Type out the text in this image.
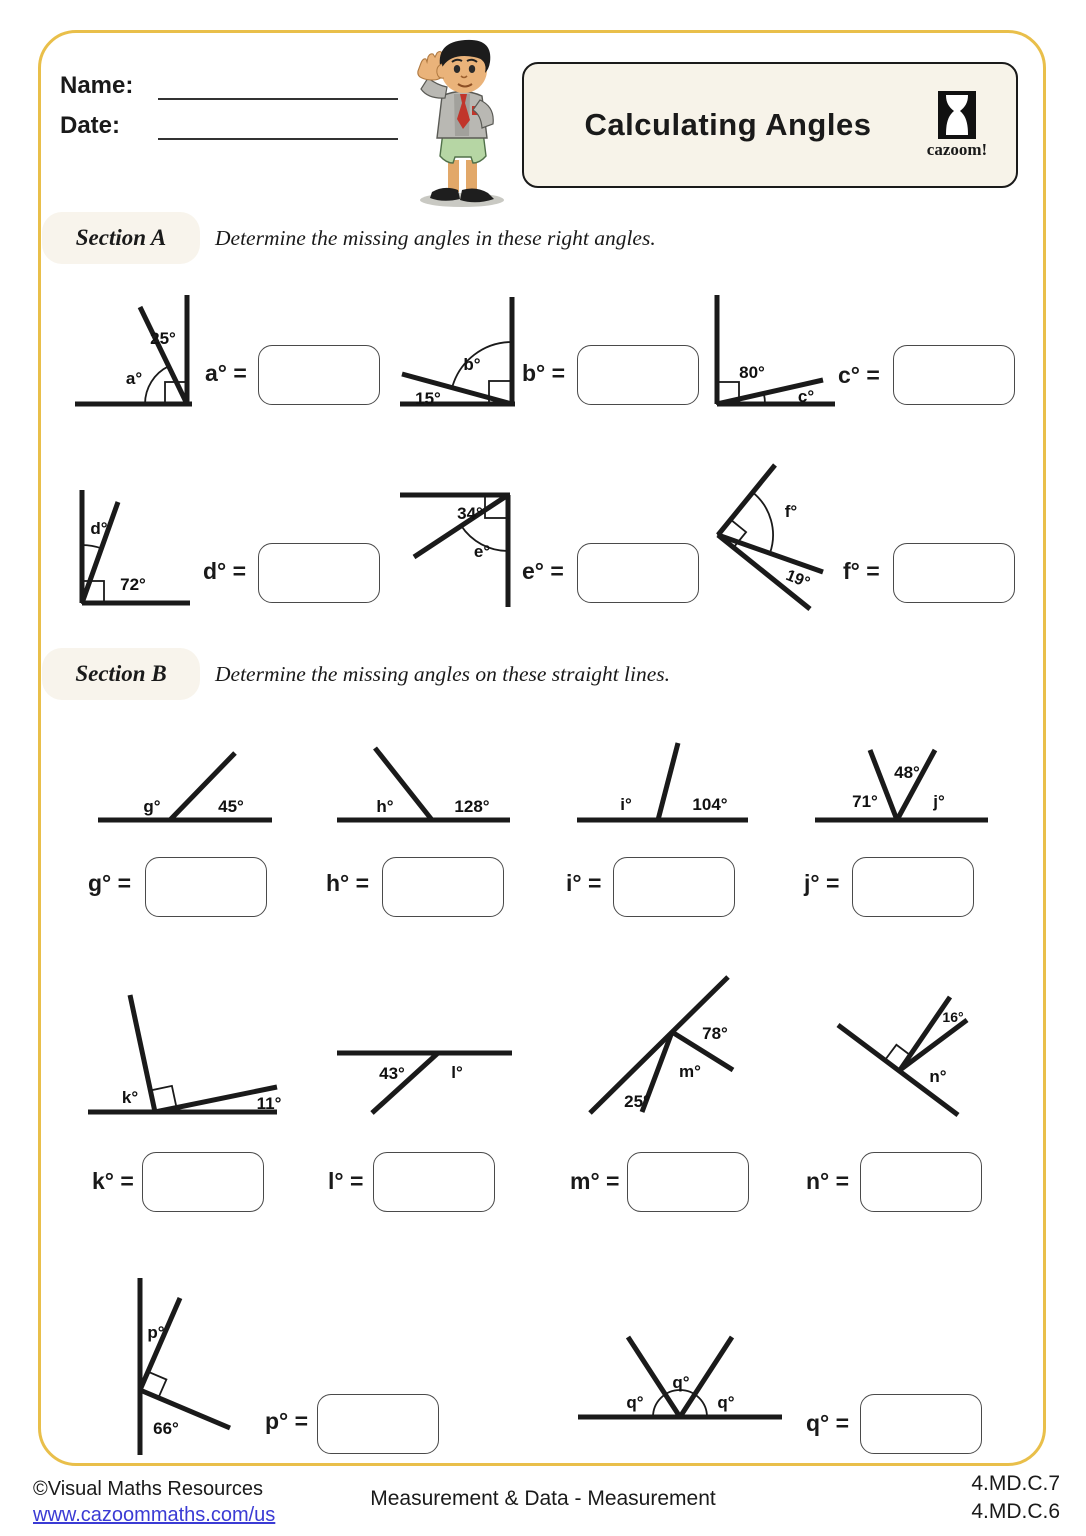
Name:
Date:	Calculating Angles
cazoom!
Section A Determine the missing angles in these right angles.
25°
a°	a° =	b°
15°
b° =	80°
c°
c° =
d°
72°
d° =
34°
e°
e° =
f°
19° f° =
Section B Determine the missing angles on these straight lines.
g°	45°
g° =
h°	128°
h° =
i°	104°
i° =
71°
48°
j°
j° =
k°	11°
k° =
43°	l°
l° =
78°
m°
25°
m° =
16°
n°
n° =
p°
66°	p° =
q°
q°
q°
q° =
©Visual Maths Resources
www.cazoommaths.com/us
Measurement & Data - Measurement
4.MD.C.7
4.MD.C.6
